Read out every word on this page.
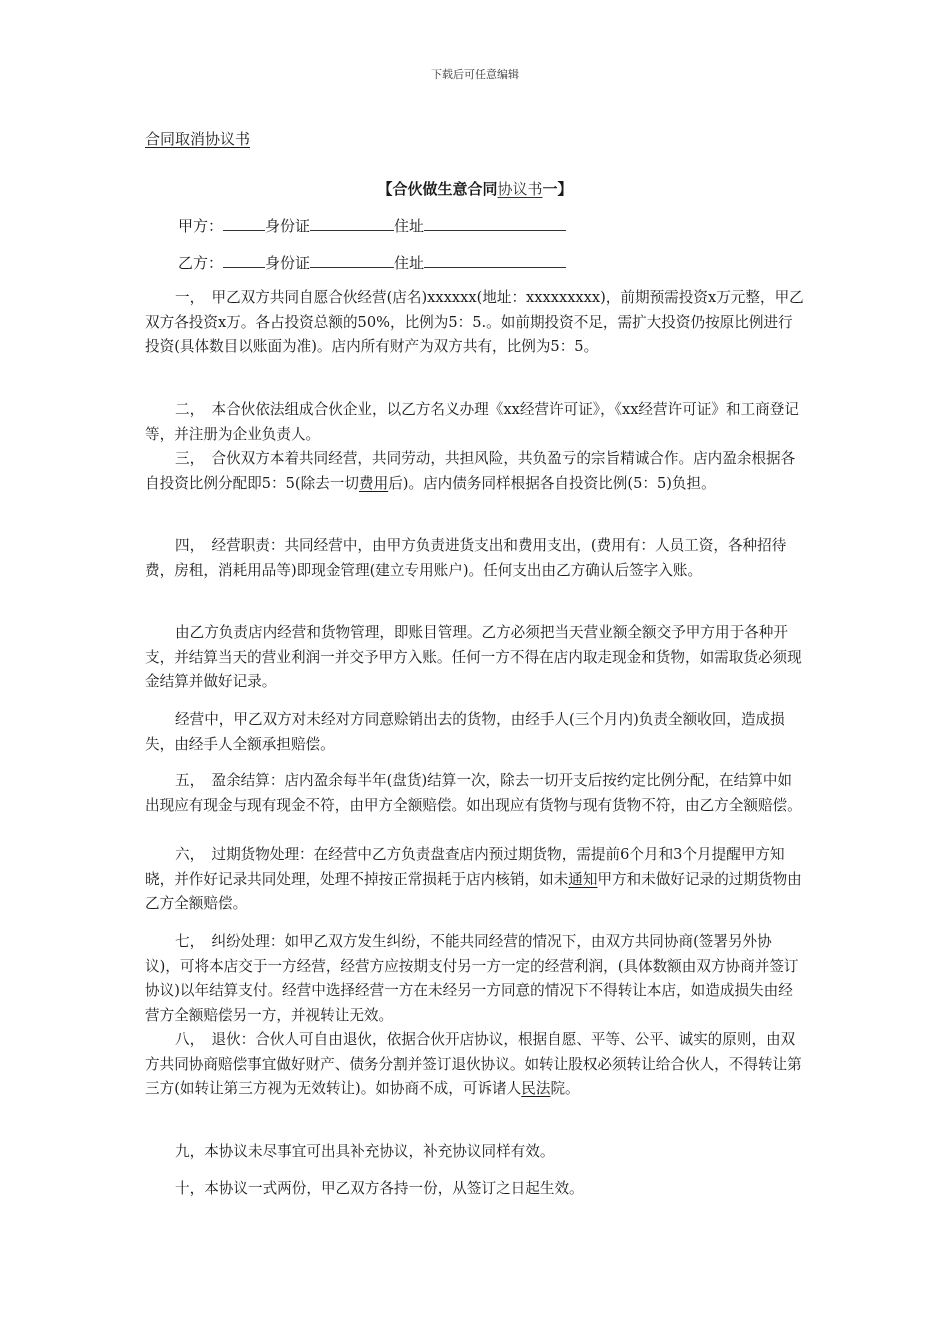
下载后可任意编辑
合同取消协议书
【合伙做生意合同协议书一】
甲方：	身份证	住址
乙方：	身份证	住址

一，　甲乙双方共同自愿合伙经营(店名)xxxxxx(地址：xxxxxxxxx)，前期预需投资x万元整，甲乙双方各投资x万。各占投资总额的50%，比例为5：5.。如前期投资不足，需扩大投资仍按原比例进行投资(具体数目以账面为准)。店内所有财产为双方共有，比例为5：5。

二，　本合伙依法组成合伙企业，以乙方名义办理《xx经营许可证》，《xx经营许可证》和工商登记等，并注册为企业负责人。

三，　合伙双方本着共同经营，共同劳动，共担风险，共负盈亏的宗旨精诚合作。店内盈余根据各自投资比例分配即5：5(除去一切费用后)。店内债务同样根据各自投资比例(5：5)负担。

四，　经营职责：共同经营中，由甲方负责进货支出和费用支出，(费用有：人员工资，各种招待费，房租，消耗用品等)即现金管理(建立专用账户)。任何支出由乙方确认后签字入账。

由乙方负责店内经营和货物管理，即账目管理。乙方必须把当天营业额全额交予甲方用于各种开支，并结算当天的营业利润一并交予甲方入账。任何一方不得在店内取走现金和货物，如需取货必须现金结算并做好记录。

经营中，甲乙双方对未经对方同意赊销出去的货物，由经手人(三个月内)负责全额收回，造成损失，由经手人全额承担赔偿。

五，　盈余结算：店内盈余每半年(盘货)结算一次，除去一切开支后按约定比例分配，在结算中如出现应有现金与现有现金不符，由甲方全额赔偿。如出现应有货物与现有货物不符，由乙方全额赔偿。

六，　过期货物处理：在经营中乙方负责盘查店内预过期货物，需提前6个月和3个月提醒甲方知晓，并作好记录共同处理，处理不掉按正常损耗于店内核销，如未通知甲方和未做好记录的过期货物由乙方全额赔偿。

七，　纠纷处理：如甲乙双方发生纠纷，不能共同经营的情况下，由双方共同协商(签署另外协议)，可将本店交于一方经营，经营方应按期支付另一方一定的经营利润，(具体数额由双方协商并签订协议)以年结算支付。经营中选择经营一方在未经另一方同意的情况下不得转让本店，如造成损失由经营方全额赔偿另一方，并视转让无效。

八，　退伙：合伙人可自由退伙，依据合伙开店协议，根据自愿、平等、公平、诚实的原则，由双方共同协商赔偿事宜做好财产、债务分割并签订退伙协议。如转让股权必须转让给合伙人，不得转让第三方(如转让第三方视为无效转让)。如协商不成，可诉诸人民法院。

九，本协议未尽事宜可出具补充协议，补充协议同样有效。

十，本协议一式两份，甲乙双方各持一份，从签订之日起生效。
